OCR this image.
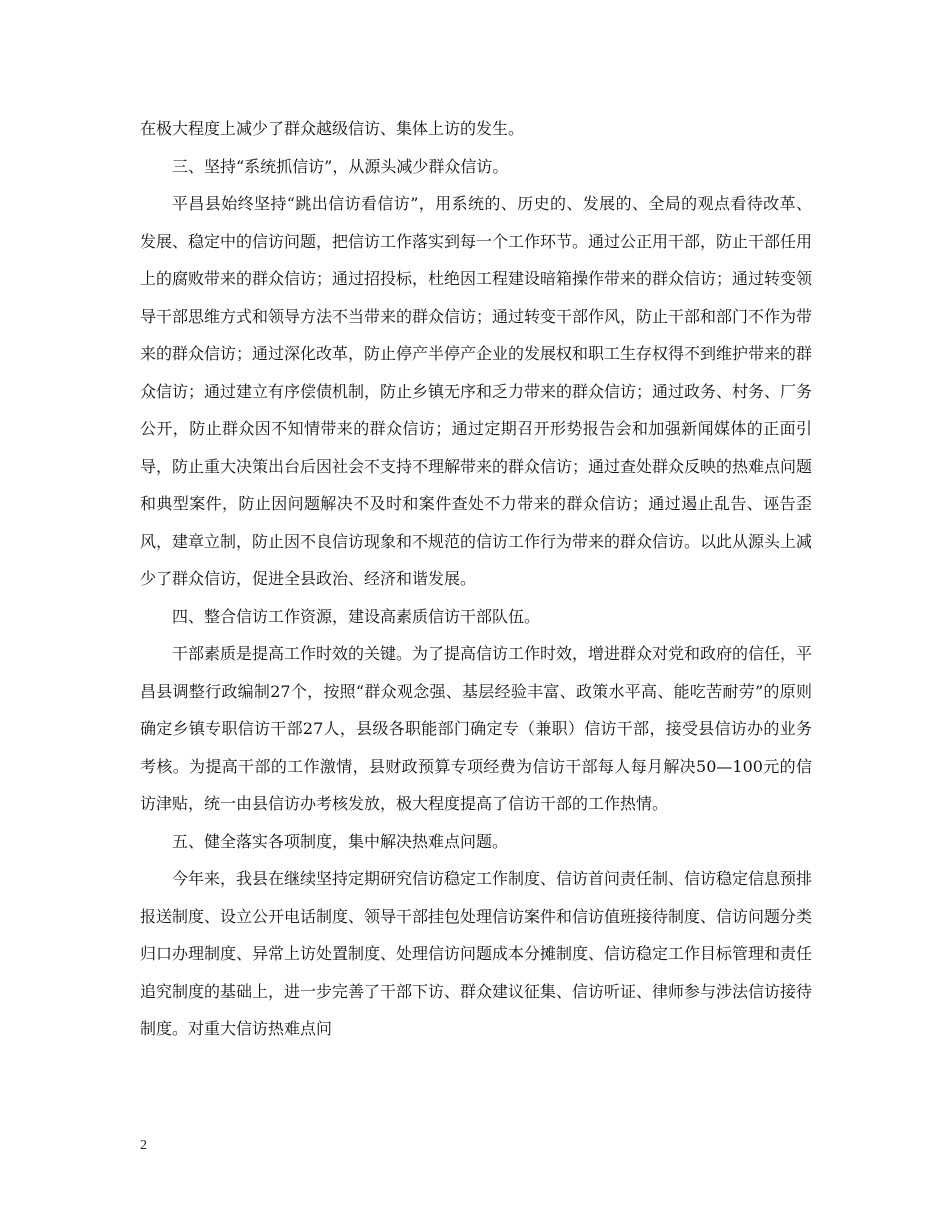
在极大程度上减少了群众越级信访、集体上访的发生。

三、坚持“系统抓信访”，从源头减少群众信访。

平昌县始终坚持“跳出信访看信访”，用系统的、历史的、发展的、全局的观点看待改革、发展、稳定中的信访问题，把信访工作落实到每一个工作环节。通过公正用干部，防止干部任用上的腐败带来的群众信访；通过招投标，杜绝因工程建设暗箱操作带来的群众信访；通过转变领导干部思维方式和领导方法不当带来的群众信访；通过转变干部作风，防止干部和部门不作为带来的群众信访；通过深化改革，防止停产半停产企业的发展权和职工生存权得不到维护带来的群众信访；通过建立有序偿债机制，防止乡镇无序和乏力带来的群众信访；通过政务、村务、厂务公开，防止群众因不知情带来的群众信访；通过定期召开形势报告会和加强新闻媒体的正面引导，防止重大决策出台后因社会不支持不理解带来的群众信访；通过查处群众反映的热难点问题和典型案件，防止因问题解决不及时和案件查处不力带来的群众信访；通过遏止乱告、诬告歪风，建章立制，防止因不良信访现象和不规范的信访工作行为带来的群众信访。以此从源头上减少了群众信访，促进全县政治、经济和谐发展。

四、整合信访工作资源，建设高素质信访干部队伍。

干部素质是提高工作时效的关键。为了提高信访工作时效，增进群众对党和政府的信任，平昌县调整行政编制27个，按照“群众观念强、基层经验丰富、政策水平高、能吃苦耐劳”的原则确定乡镇专职信访干部27人，县级各职能部门确定专（兼职）信访干部，接受县信访办的业务考核。为提高干部的工作激情，县财政预算专项经费为信访干部每人每月解决50—100元的信访津贴，统一由县信访办考核发放，极大程度提高了信访干部的工作热情。

五、健全落实各项制度，集中解决热难点问题。

今年来，我县在继续坚持定期研究信访稳定工作制度、信访首问责任制、信访稳定信息预排报送制度、设立公开电话制度、领导干部挂包处理信访案件和信访值班接待制度、信访问题分类归口办理制度、异常上访处置制度、处理信访问题成本分摊制度、信访稳定工作目标管理和责任追究制度的基础上，进一步完善了干部下访、群众建议征集、信访听证、律师参与涉法信访接待制度。对重大信访热难点问

2
